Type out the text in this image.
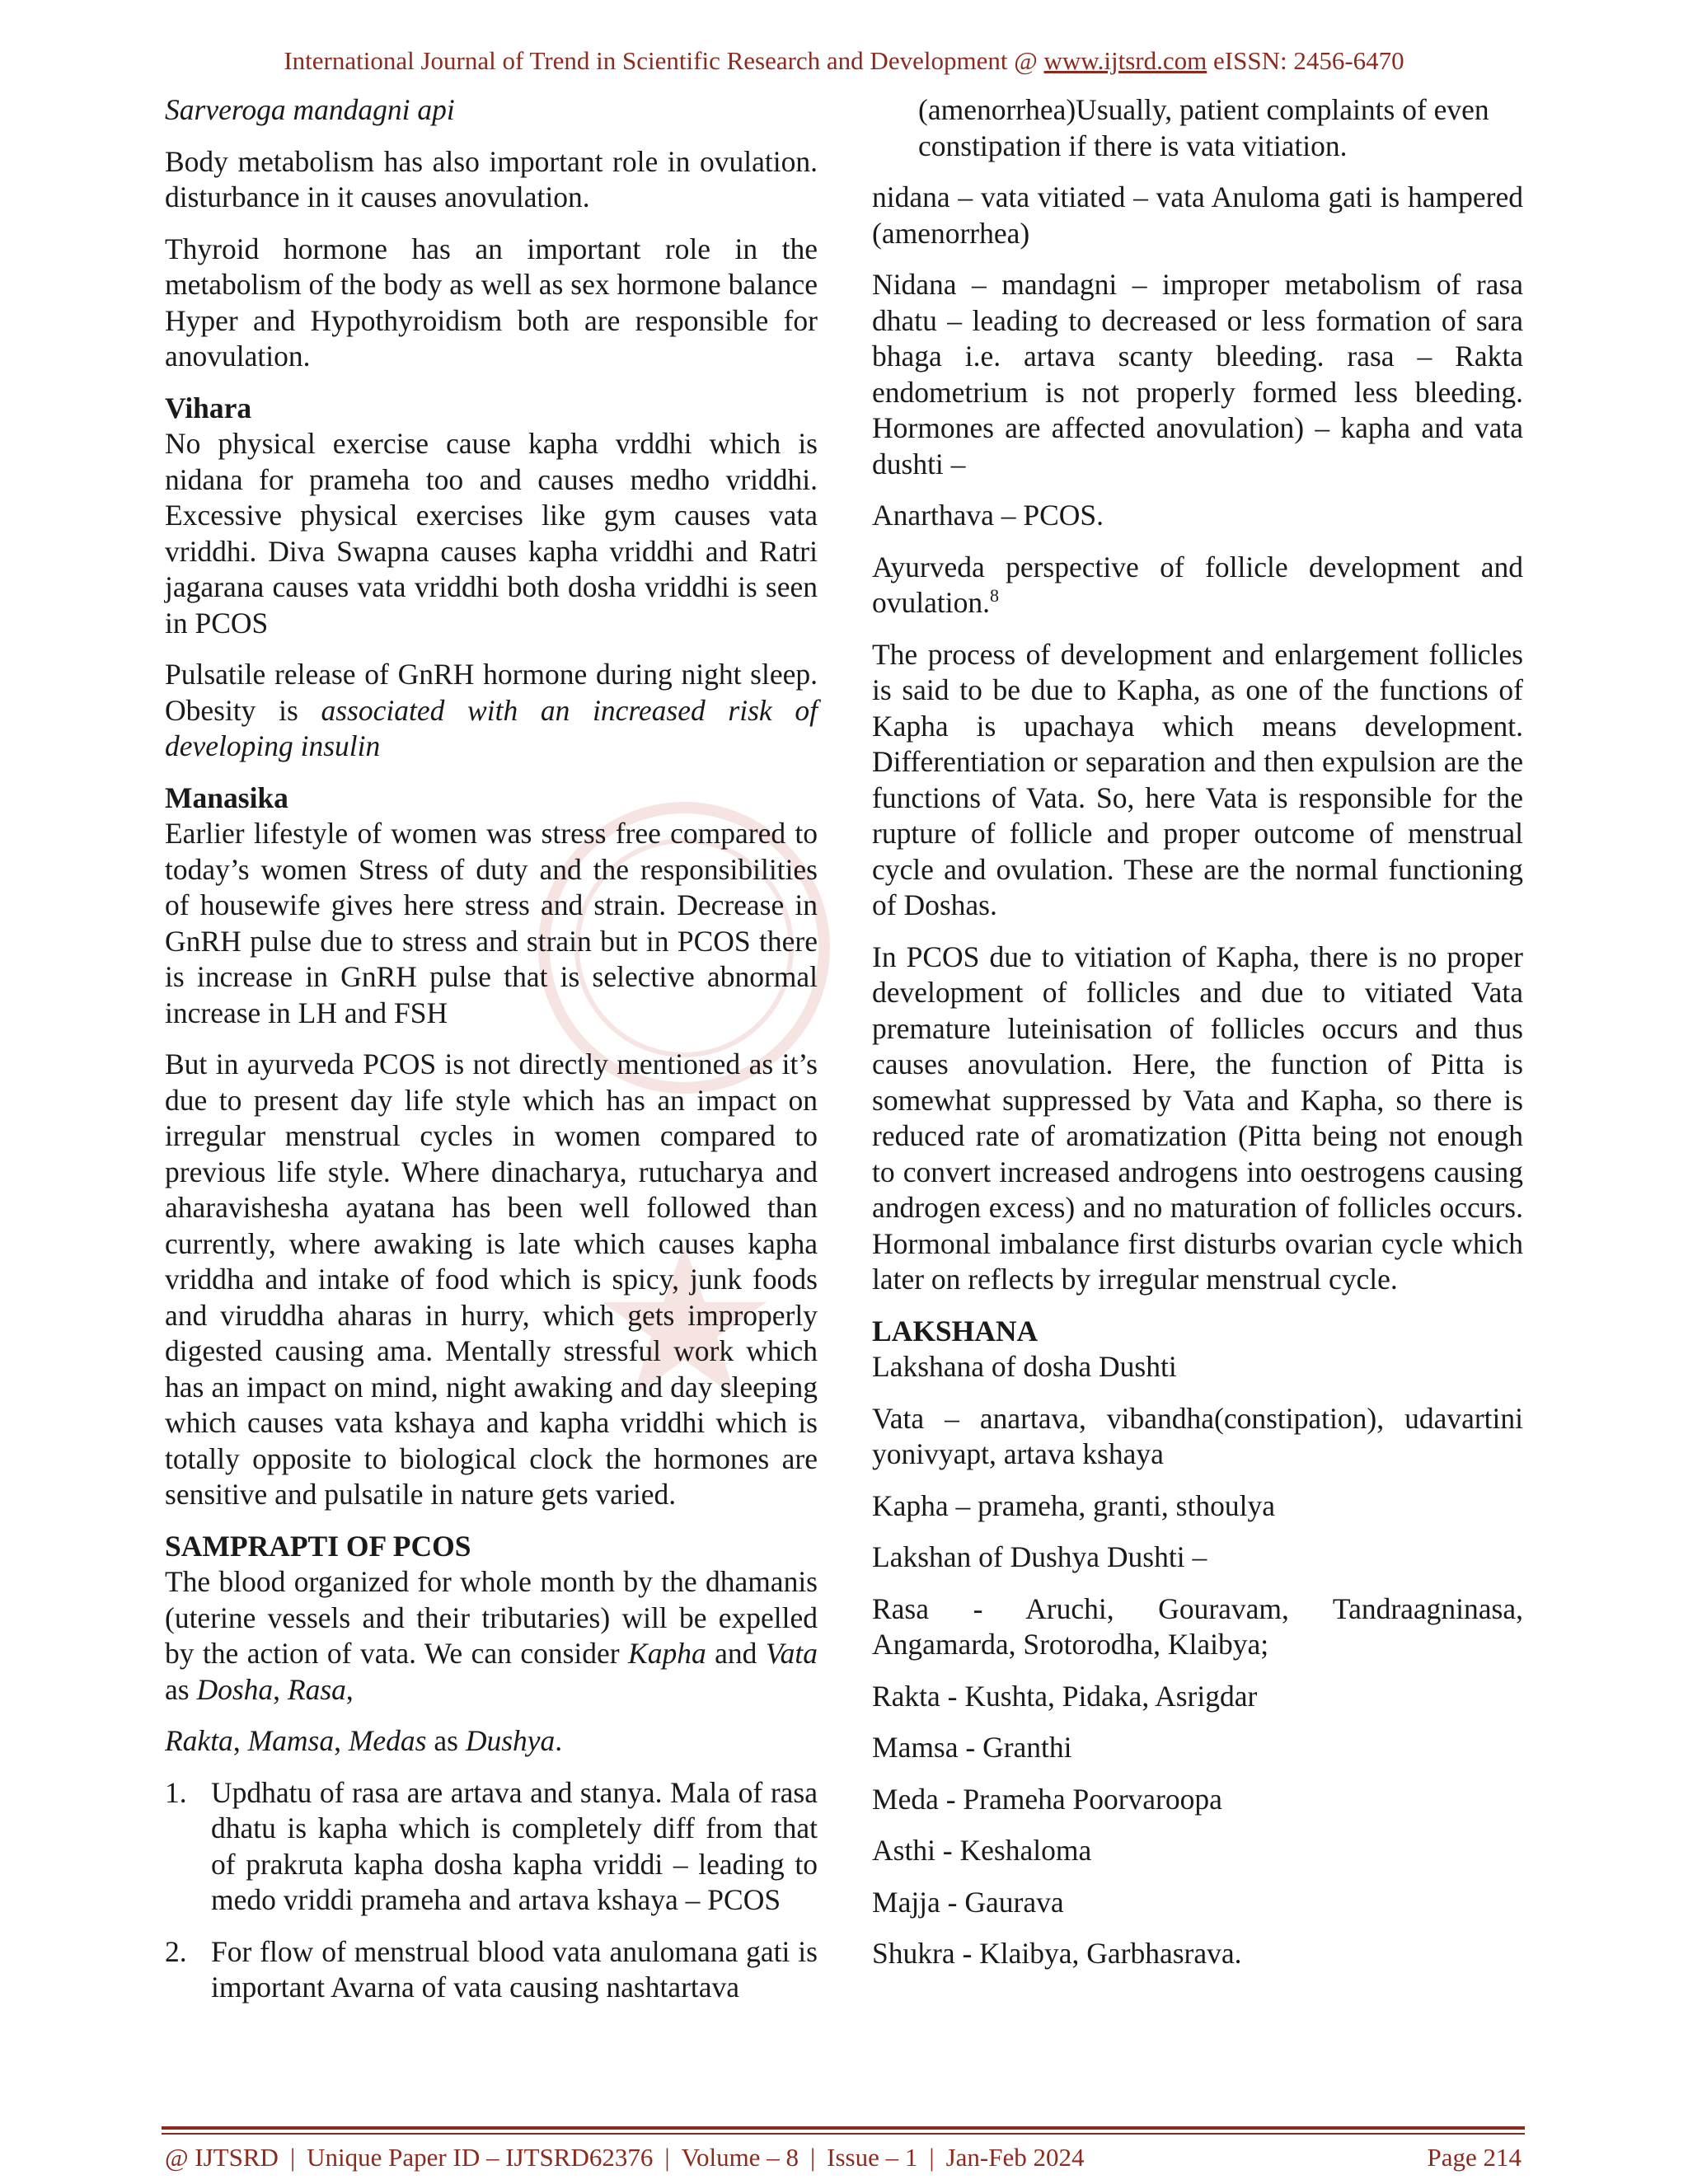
International Journal of Trend in Scientific Research and Development @ www.ijtsrd.com eISSN: 2456-6470
Sarveroga mandagni api
Body metabolism has also important role in ovulation. disturbance in it causes anovulation.
Thyroid hormone has an important role in the metabolism of the body as well as sex hormone balance Hyper and Hypothyroidism both are responsible for anovulation.
Vihara
No physical exercise cause kapha vrddhi which is nidana for prameha too and causes medho vriddhi. Excessive physical exercises like gym causes vata vriddhi. Diva Swapna causes kapha vriddhi and Ratri jagarana causes vata vriddhi both dosha vriddhi is seen in PCOS
Pulsatile release of GnRH hormone during night sleep. Obesity is associated with an increased risk of developing insulin
Manasika
Earlier lifestyle of women was stress free compared to today’s women Stress of duty and the responsibilities of housewife gives here stress and strain. Decrease in GnRH pulse due to stress and strain but in PCOS there is increase in GnRH pulse that is selective abnormal increase in LH and FSH
But in ayurveda PCOS is not directly mentioned as it’s due to present day life style which has an impact on irregular menstrual cycles in women compared to previous life style. Where dinacharya, rutucharya and aharavishesha ayatana has been well followed than currently, where awaking is late which causes kapha vriddha and intake of food which is spicy, junk foods and viruddha aharas in hurry, which gets improperly digested causing ama. Mentally stressful work which has an impact on mind, night awaking and day sleeping which causes vata kshaya and kapha vriddhi which is totally opposite to biological clock the hormones are sensitive and pulsatile in nature gets varied.
SAMPRAPTI OF PCOS
The blood organized for whole month by the dhamanis (uterine vessels and their tributaries) will be expelled by the action of vata. We can consider Kapha and Vata as Dosha, Rasa,
Rakta, Mamsa, Medas as Dushya.
1. Updhatu of rasa are artava and stanya. Mala of rasa dhatu is kapha which is completely diff from that of prakruta kapha dosha kapha vriddi – leading to medo vriddi prameha and artava kshaya – PCOS
2. For flow of menstrual blood vata anulomana gati is important Avarna of vata causing nashtartava
(amenorrhea)Usually, patient complaints of even constipation if there is vata vitiation.
nidana – vata vitiated – vata Anuloma gati is hampered (amenorrhea)
Nidana – mandagni – improper metabolism of rasa dhatu – leading to decreased or less formation of sara bhaga i.e. artava scanty bleeding. rasa – Rakta endometrium is not properly formed less bleeding. Hormones are affected anovulation) – kapha and vata dushti –
Anarthava – PCOS.
Ayurveda perspective of follicle development and ovulation.$^8$
The process of development and enlargement follicles is said to be due to Kapha, as one of the functions of Kapha is upachaya which means development. Differentiation or separation and then expulsion are the functions of Vata. So, here Vata is responsible for the rupture of follicle and proper outcome of menstrual cycle and ovulation. These are the normal functioning of Doshas.
In PCOS due to vitiation of Kapha, there is no proper development of follicles and due to vitiated Vata premature luteinisation of follicles occurs and thus causes anovulation. Here, the function of Pitta is somewhat suppressed by Vata and Kapha, so there is reduced rate of aromatization (Pitta being not enough to convert increased androgens into oestrogens causing androgen excess) and no maturation of follicles occurs. Hormonal imbalance first disturbs ovarian cycle which later on reflects by irregular menstrual cycle.
LAKSHANA
Lakshana of dosha Dushti
Vata – anartava, vibandha(constipation), udavartini yonivyapt, artava kshaya
Kapha – prameha, granti, sthoulya
Lakshan of Dushya Dushti –
Rasa - Aruchi, Gouravam, Tandraagninasa, Angamarda, Srotorodha, Klaibya;
Rakta - Kushta, Pidaka, Asrigdar
Mamsa - Granthi
Meda - Prameha Poorvaroopa
Asthi - Keshaloma
Majja - Gaurava
Shukra - Klaibya, Garbhasrava.
@ IJTSRD | Unique Paper ID – IJTSRD62376 | Volume – 8 | Issue – 1 | Jan-Feb 2024	Page 214
